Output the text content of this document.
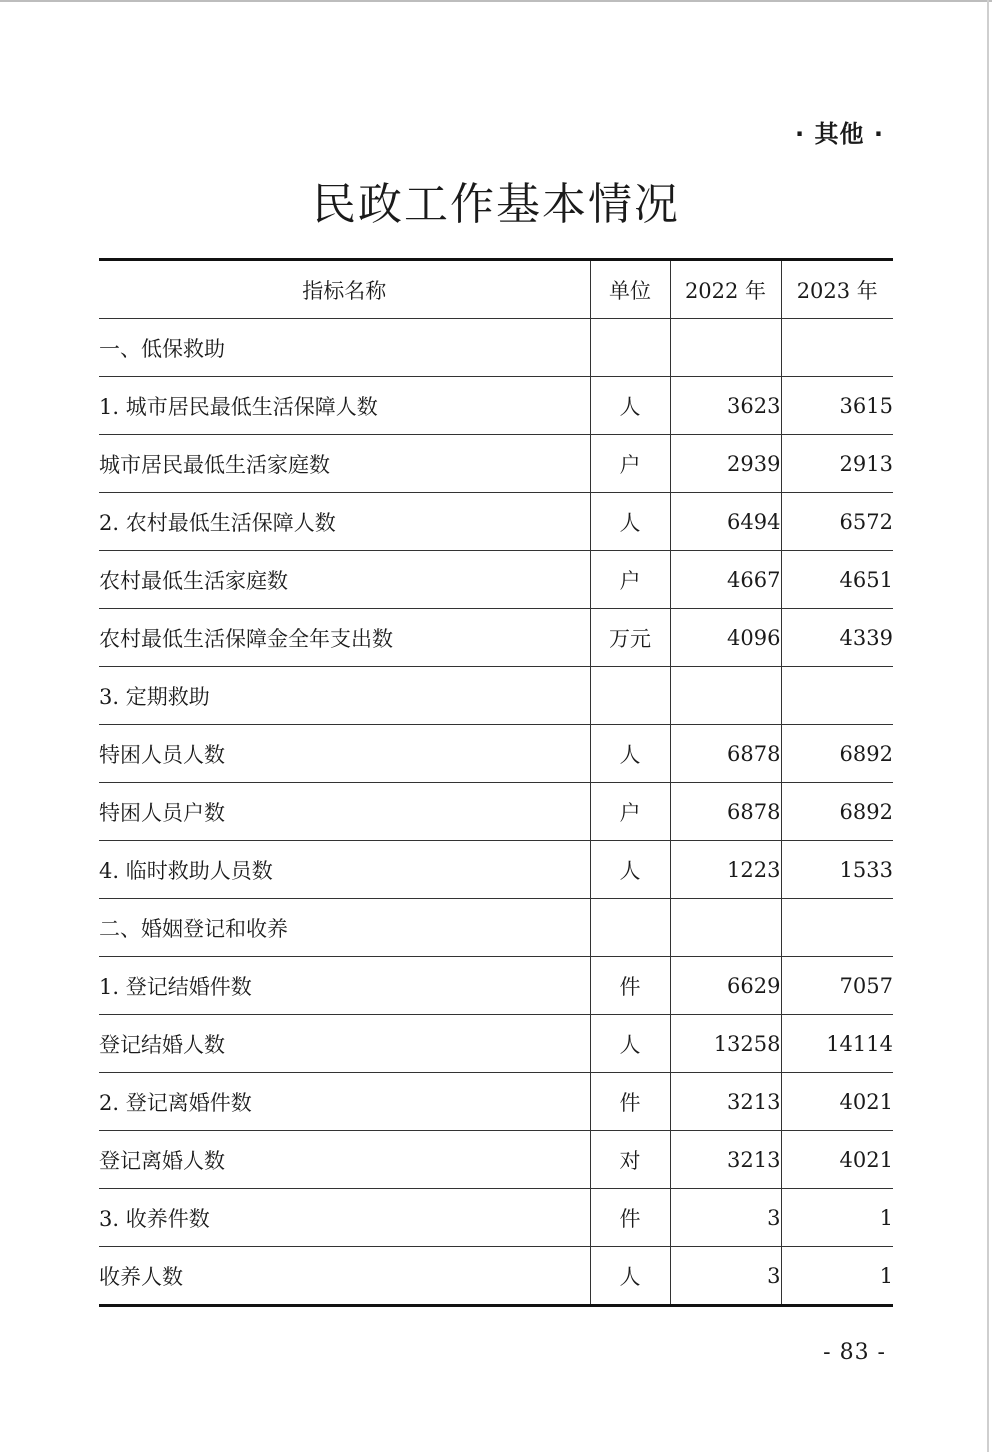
· 其他 ·
民政工作基本情况
指标名称	单位	2022 年	2023 年
一、低保救助			
1. 城市居民最低生活保障人数	人	3623	3615
城市居民最低生活家庭数	户	2939	2913
2. 农村最低生活保障人数	人	6494	6572
农村最低生活家庭数	户	4667	4651
农村最低生活保障金全年支出数	万元	4096	4339
3. 定期救助			
特困人员人数	人	6878	6892
特困人员户数	户	6878	6892
4. 临时救助人员数	人	1223	1533
二、婚姻登记和收养			
1. 登记结婚件数	件	6629	7057
登记结婚人数	人	13258	14114
2. 登记离婚件数	件	3213	4021
登记离婚人数	对	3213	4021
3. 收养件数	件	3	1
收养人数	人	3	1
- 83 -
